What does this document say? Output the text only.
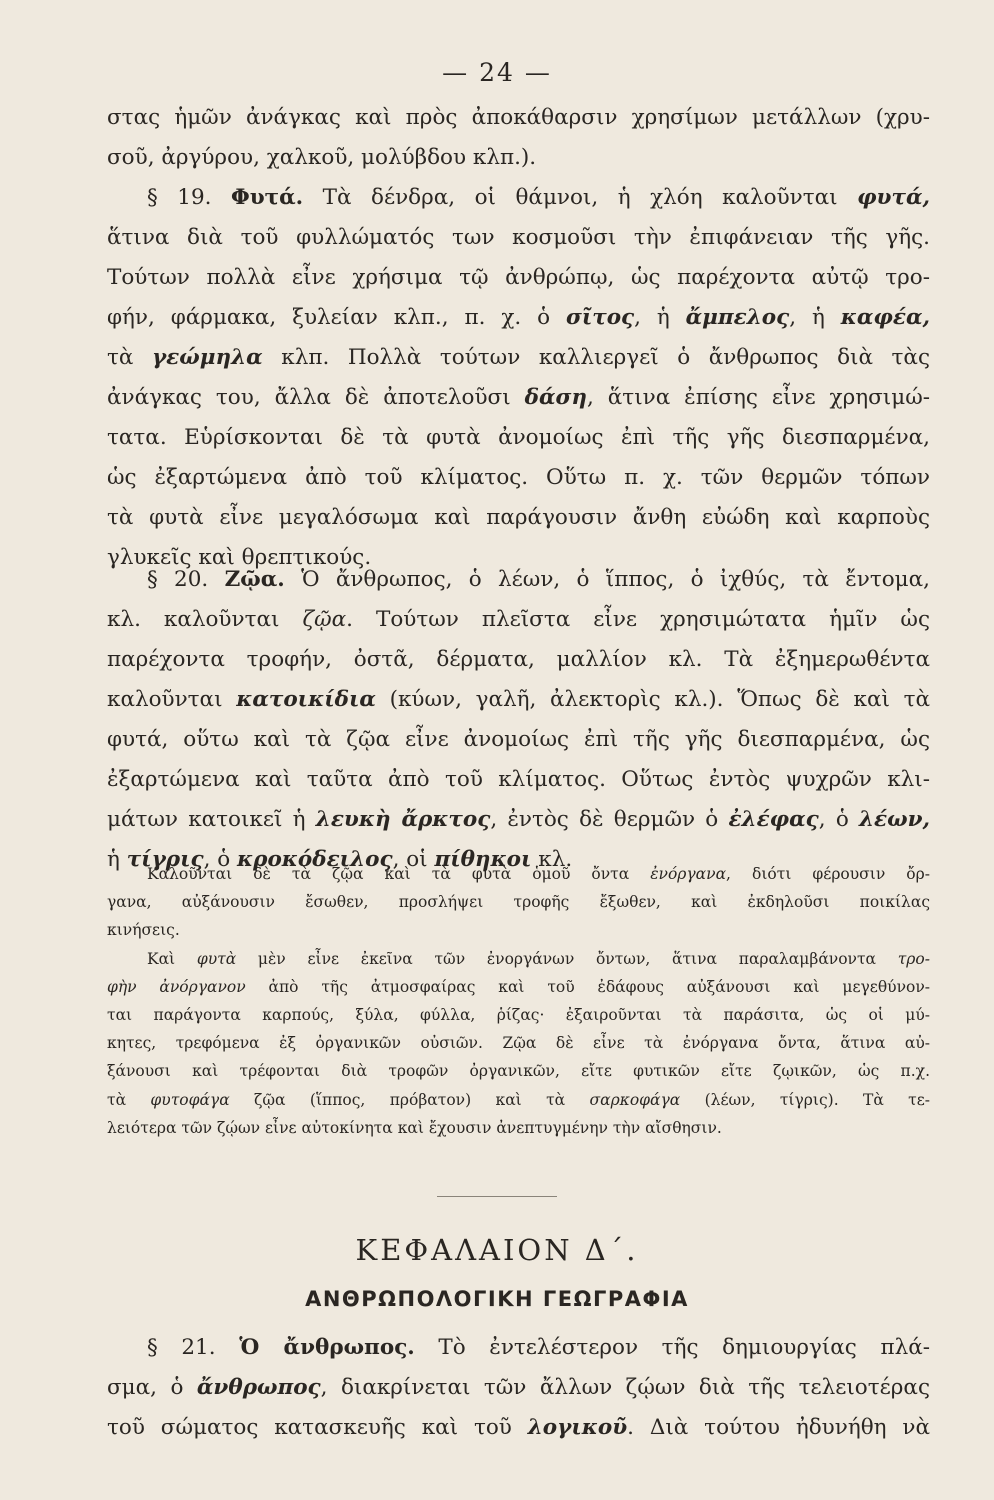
— 24 —
στας ἡμῶν ἀνάγκας καὶ πρὸς ἀποκάθαρσιν χρησίμων μετάλλων (χρυ-
σοῦ, ἀργύρου, χαλκοῦ, μολύβδου κλπ.).
§ 19. Φυτά. Τὰ δένδρα, οἱ θάμνοι, ἡ χλόη καλοῦνται φυτά,
ἅτινα διὰ τοῦ φυλλώματός των κοσμοῦσι τὴν ἐπιφάνειαν τῆς γῆς.
Τούτων πολλὰ εἶνε χρήσιμα τῷ ἀνθρώπῳ, ὡς παρέχοντα αὐτῷ τρο-
φήν, φάρμακα, ξυλείαν κλπ., π. χ. ὁ σῖτος, ἡ ἄμπελος, ἡ καφέα,
τὰ γεώμηλα κλπ. Πολλὰ τούτων καλλιεργεῖ ὁ ἄνθρωπος διὰ τὰς
ἀνάγκας του, ἄλλα δὲ ἀποτελοῦσι δάση, ἅτινα ἐπίσης εἶνε χρησιμώ-
τατα. Εὑρίσκονται δὲ τὰ φυτὰ ἀνομοίως ἐπὶ τῆς γῆς διεσπαρμένα,
ὡς ἐξαρτώμενα ἀπὸ τοῦ κλίματος. Οὕτω π. χ. τῶν θερμῶν τόπων
τὰ φυτὰ εἶνε μεγαλόσωμα καὶ παράγουσιν ἄνθη εὐώδη καὶ καρποὺς
γλυκεῖς καὶ θρεπτικούς.
§ 20. Ζῷα. Ὁ ἄνθρωπος, ὁ λέων, ὁ ἵππος, ὁ ἰχθύς, τὰ ἔντομα,
κλ. καλοῦνται ζῷα. Τούτων πλεῖστα εἶνε χρησιμώτατα ἡμῖν ὡς
παρέχοντα τροφήν, ὀστᾶ, δέρματα, μαλλίον κλ. Τὰ ἐξημερωθέντα
καλοῦνται κατοικίδια (κύων, γαλῆ, ἀλεκτορὶς κλ.). Ὅπως δὲ καὶ τὰ
φυτά, οὕτω καὶ τὰ ζῷα εἶνε ἀνομοίως ἐπὶ τῆς γῆς διεσπαρμένα, ὡς
ἐξαρτώμενα καὶ ταῦτα ἀπὸ τοῦ κλίματος. Οὕτως ἐντὸς ψυχρῶν κλι-
μάτων κατοικεῖ ἡ λευκὴ ἄρκτος, ἐντὸς δὲ θερμῶν ὁ ἐλέφας, ὁ λέων,
ἡ τίγρις, ὁ κροκόδειλος, οἱ πίθηκοι κλ.
Καλοῦνται δὲ τὰ ζῷα καὶ τὰ φυτὰ ὁμοῦ ὄντα ἐνόργανα, διότι φέρουσιν ὄρ-
γανα, αὐξάνουσιν ἔσωθεν, προσλήψει τροφῆς ἔξωθεν, καὶ ἐκδηλοῦσι ποικίλας
κινήσεις.
Καὶ φυτὰ μὲν εἶνε ἐκεῖνα τῶν ἐνοργάνων ὄντων, ἅτινα παραλαμβάνοντα τρο-
φὴν ἀνόργανον ἀπὸ τῆς ἀτμοσφαίρας καὶ τοῦ ἐδάφους αὐξάνουσι καὶ μεγεθύνον-
ται παράγοντα καρπούς, ξύλα, φύλλα, ῥίζας· ἐξαιροῦνται τὰ παράσιτα, ὡς οἱ μύ-
κητες, τρεφόμενα ἐξ ὀργανικῶν οὐσιῶν. Ζῷα δὲ εἶνε τὰ ἐνόργανα ὄντα, ἅτινα αὐ-
ξάνουσι καὶ τρέφονται διὰ τροφῶν ὀργανικῶν, εἴτε φυτικῶν εἴτε ζῳικῶν, ὡς π.χ.
τὰ φυτοφάγα ζῷα (ἵππος, πρόβατον) καὶ τὰ σαρκοφάγα (λέων, τίγρις). Τὰ τε-
λειότερα τῶν ζῴων εἶνε αὐτοκίνητα καὶ ἔχουσιν ἀνεπτυγμένην τὴν αἴσθησιν.
ΚΕΦΑΛΑΙΟΝ Δ΄.
ΑΝΘΡΩΠΟΛΟΓΙΚΗ ΓΕΩΓΡΑΦΙΑ
§ 21. Ὁ ἄνθρωπος. Τὸ ἐντελέστερον τῆς δημιουργίας πλά-
σμα, ὁ ἄνθρωπος, διακρίνεται τῶν ἄλλων ζῴων διὰ τῆς τελειοτέρας
τοῦ σώματος κατασκευῆς καὶ τοῦ λογικοῦ. Διὰ τούτου ἠδυνήθη νὰ
